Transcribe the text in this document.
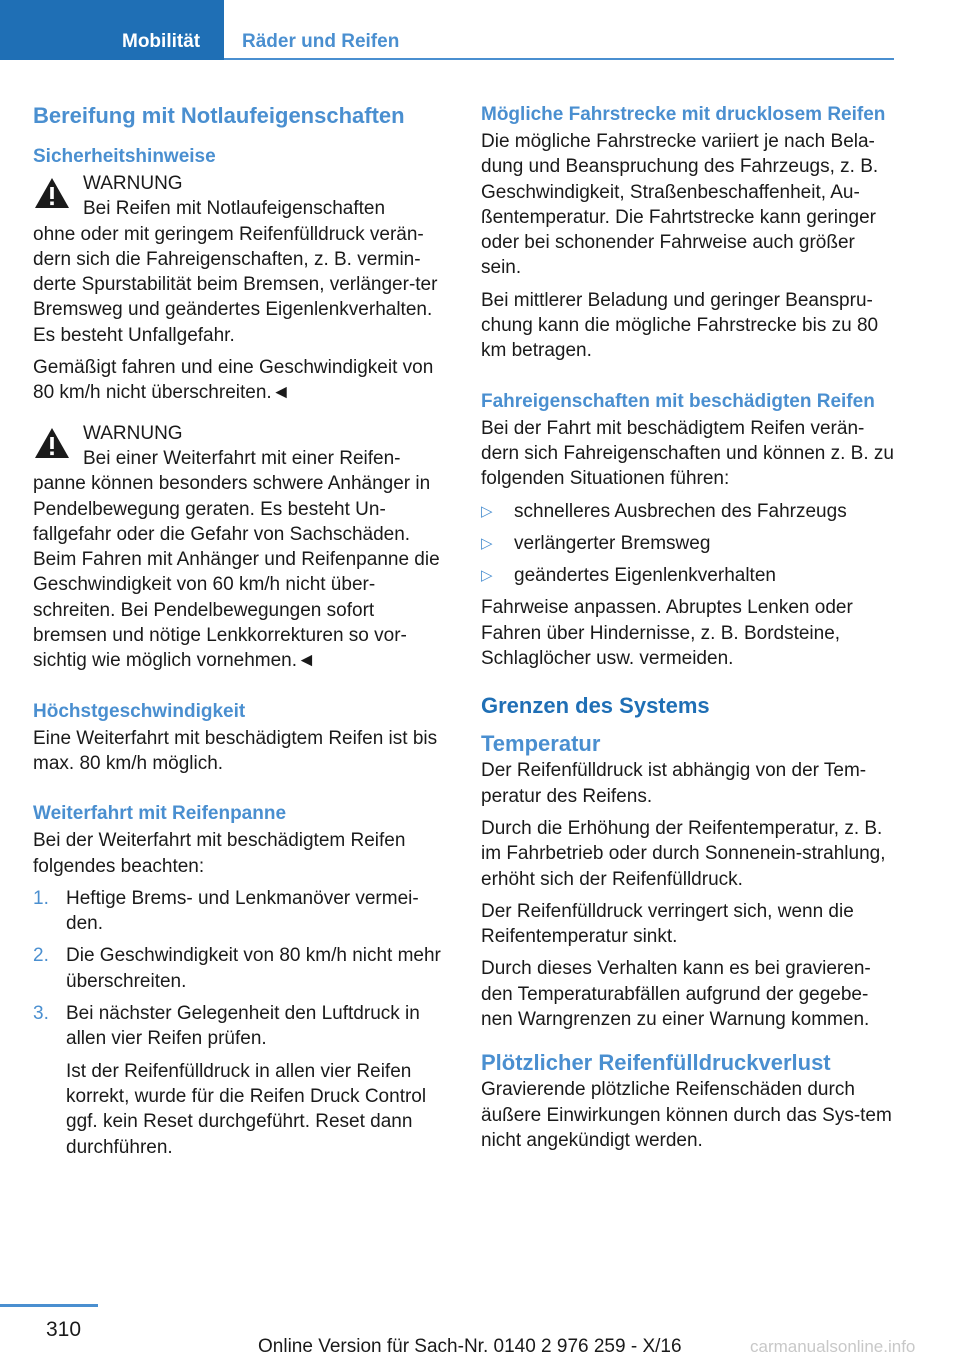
Mobilität	Räder und Reifen
Bereifung mit Notlaufeigenschaften
Sicherheitshinweise
WARNUNG
Bei Reifen mit Notlaufeigenschaften
ohne oder mit geringem Reifenfülldruck verän-dern sich die Fahreigenschaften, z. B. vermin-derte Spurstabilität beim Bremsen, verlänger-ter Bremsweg und geändertes Eigenlenkverhalten. Es besteht Unfallgefahr.

Gemäßigt fahren und eine Geschwindigkeit von 80 km/h nicht überschreiten.◄

WARNUNG
Bei einer Weiterfahrt mit einer Reifen-
panne können besonders schwere Anhänger in Pendelbewegung geraten. Es besteht Un-fallgefahr oder die Gefahr von Sachschäden. Beim Fahren mit Anhänger und Reifenpanne die Geschwindigkeit von 60 km/h nicht über-schreiten. Bei Pendelbewegungen sofort bremsen und nötige Lenkkorrekturen so vor-sichtig wie möglich vornehmen.◄
Höchstgeschwindigkeit

Eine Weiterfahrt mit beschädigtem Reifen ist bis max. 80 km/h möglich.

Weiterfahrt mit Reifenpanne

Bei der Weiterfahrt mit beschädigtem Reifen folgendes beachten:

1. Heftige Brems- und Lenkmanöver vermei-den.
2. Die Geschwindigkeit von 80 km/h nicht mehr überschreiten.
3. Bei nächster Gelegenheit den Luftdruck in allen vier Reifen prüfen.
Ist der Reifenfülldruck in allen vier Reifen korrekt, wurde für die Reifen Druck Control ggf. kein Reset durchgeführt. Reset dann durchführen.
Mögliche Fahrstrecke mit drucklosem Reifen

Die mögliche Fahrstrecke variiert je nach Bela-dung und Beanspruchung des Fahrzeugs, z. B. Geschwindigkeit, Straßenbeschaffenheit, Au-ßentemperatur. Die Fahrtstrecke kann geringer oder bei schonender Fahrweise auch größer sein.

Bei mittlerer Beladung und geringer Beanspru-chung kann die mögliche Fahrstrecke bis zu 80 km betragen.

Fahreigenschaften mit beschädigten Reifen

Bei der Fahrt mit beschädigtem Reifen verän-dern sich Fahreigenschaften und können z. B. zu folgenden Situationen führen:

▷ schnelleres Ausbrechen des Fahrzeugs
▷ verlängerter Bremsweg
▷ geändertes Eigenlenkverhalten

Fahrweise anpassen. Abruptes Lenken oder Fahren über Hindernisse, z. B. Bordsteine, Schlaglöcher usw. vermeiden.

Grenzen des Systems
Temperatur

Der Reifenfülldruck ist abhängig von der Tem-peratur des Reifens.

Durch die Erhöhung der Reifentemperatur, z. B. im Fahrbetrieb oder durch Sonnenein-strahlung, erhöht sich der Reifenfülldruck.

Der Reifenfülldruck verringert sich, wenn die Reifentemperatur sinkt.

Durch dieses Verhalten kann es bei gravieren-den Temperaturabfällen aufgrund der gegebe-nen Warngrenzen zu einer Warnung kommen.

Plötzlicher Reifenfülldruckverlust

Gravierende plötzliche Reifenschäden durch äußere Einwirkungen können durch das Sys-tem nicht angekündigt werden.

310
Online Version für Sach-Nr. 0140 2 976 259 - X/16	carmanualsonline.info
